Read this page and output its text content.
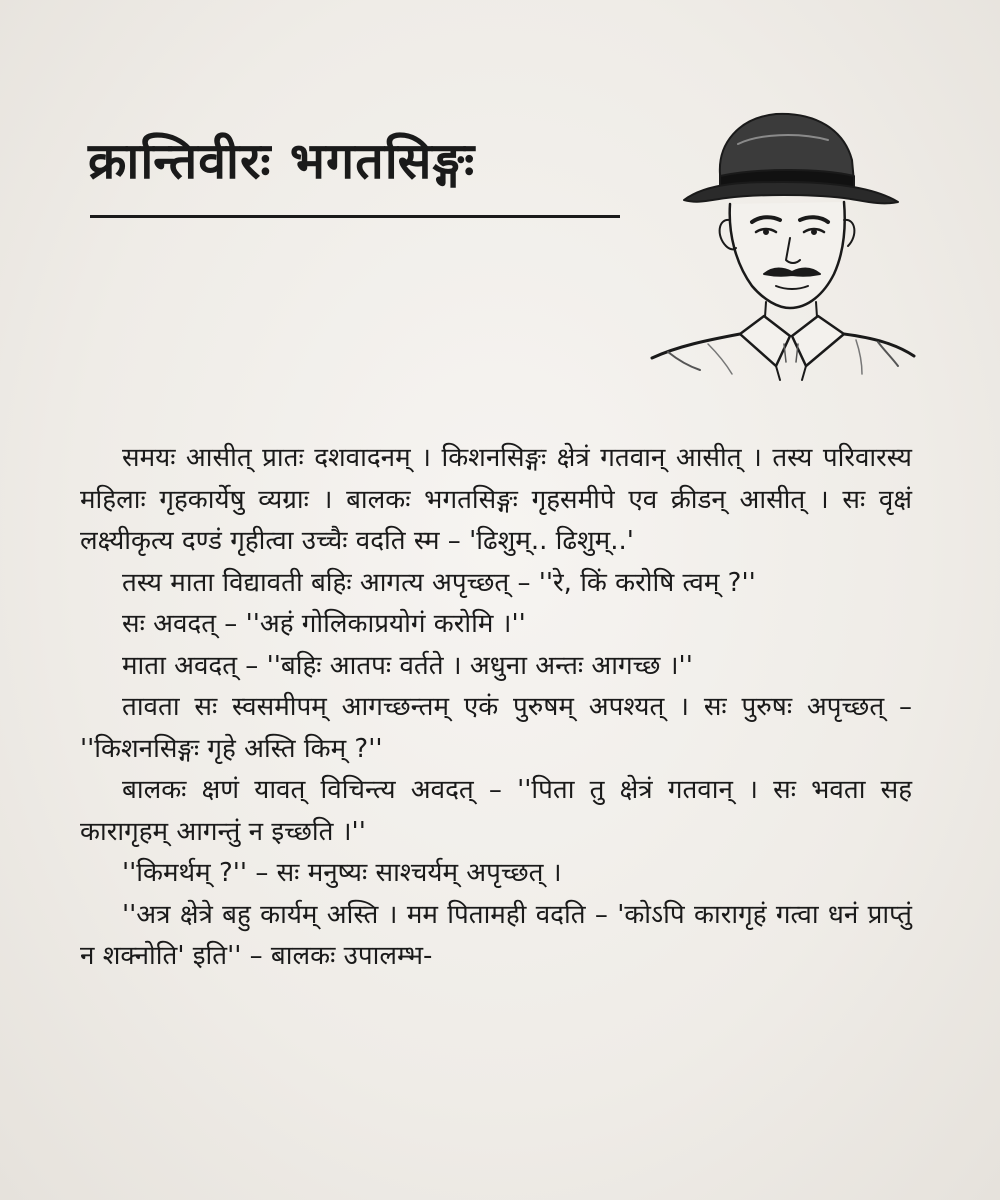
क्रान्तिवीरः भगतसिङ्गः

समयः आसीत् प्रातः दशवादनम् । किशनसिङ्गः क्षेत्रं गतवान् आसीत् । तस्य परिवारस्य महिलाः गृहकार्येषु व्यग्राः । बालकः भगतसिङ्गः गृहसमीपे एव क्रीडन् आसीत् । सः वृक्षं लक्ष्यीकृत्य दण्डं गृहीत्वा उच्चैः वदति स्म – 'ढिशुम्.. ढिशुम्..'

तस्य माता विद्यावती बहिः आगत्य अपृच्छत् – ''रे, किं करोषि त्वम् ?''

सः अवदत् – ''अहं गोलिकाप्रयोगं करोमि ।''

माता अवदत् – ''बहिः आतपः वर्तते । अधुना अन्तः आगच्छ ।''

तावता सः स्वसमीपम् आगच्छन्तम् एकं पुरुषम् अपश्यत् । सः पुरुषः अपृच्छत् – ''किशनसिङ्गः गृहे अस्ति किम् ?''

बालकः क्षणं यावत् विचिन्त्य अवदत् – ''पिता तु क्षेत्रं गतवान् । सः भवता सह कारागृहम् आगन्तुं न इच्छति ।''

''किमर्थम् ?'' – सः मनुष्यः साश्चर्यम् अपृच्छत् ।

''अत्र क्षेत्रे बहु कार्यम् अस्ति । मम पितामही वदति – 'कोऽपि कारागृहं गत्वा धनं प्राप्तुं न शक्नोति' इति'' – बालकः उपालम्भ-
